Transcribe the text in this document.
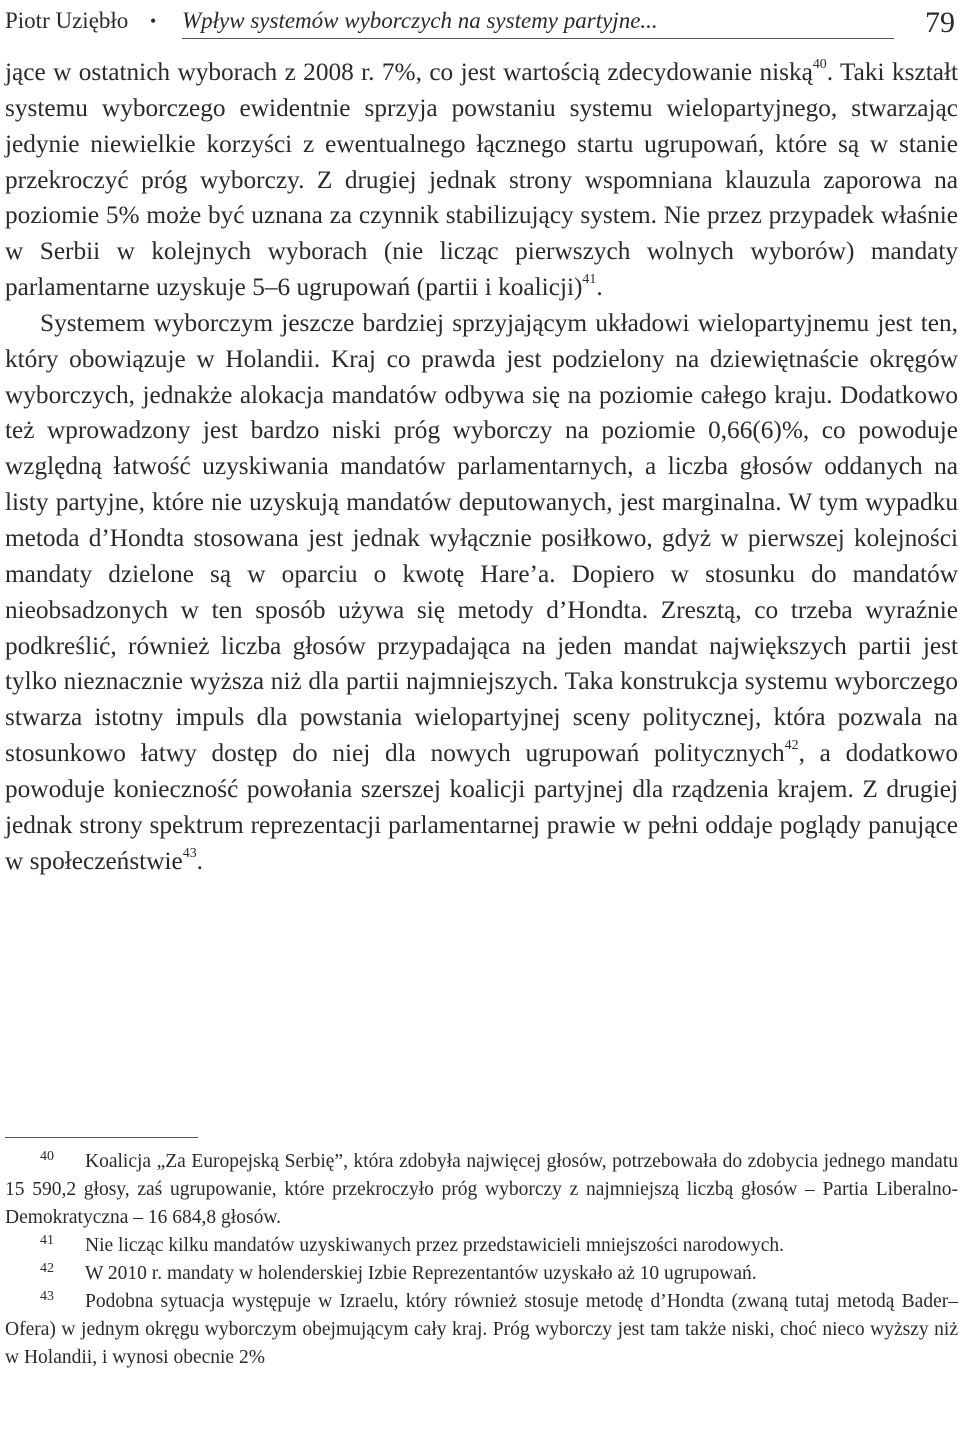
Piotr Uziębło • Wpływ systemów wyborczych na systemy partyjne...	79

jące w ostatnich wyborach z 2008 r. 7%, co jest wartością zdecydowanie niską$^{40}$. Taki kształt systemu wyborczego ewidentnie sprzyja powstaniu systemu wielopartyjnego, stwarzając jedynie niewielkie korzyści z ewentualnego łącznego startu ugrupowań, które są w stanie przekroczyć próg wyborczy. Z drugiej jednak strony wspomniana klauzula zaporowa na poziomie 5% może być uznana za czynnik stabilizujący system. Nie przez przypadek właśnie w Serbii w kolejnych wyborach (nie licząc pierwszych wolnych wyborów) mandaty parlamentarne uzyskuje 5–6 ugrupowań (partii i koalicji)$^{41}$.

Systemem wyborczym jeszcze bardziej sprzyjającym układowi wielopartyjnemu jest ten, który obowiązuje w Holandii. Kraj co prawda jest podzielony na dziewiętnaście okręgów wyborczych, jednakże alokacja mandatów odbywa się na poziomie całego kraju. Dodatkowo też wprowadzony jest bardzo niski próg wyborczy na poziomie 0,66(6)%, co powoduje względną łatwość uzyskiwania mandatów parlamentarnych, a liczba głosów oddanych na listy partyjne, które nie uzyskują mandatów deputowanych, jest marginalna. W tym wypadku metoda d’Hondta stosowana jest jednak wyłącznie posiłkowo, gdyż w pierwszej kolejności mandaty dzielone są w oparciu o kwotę Hare’a. Dopiero w stosunku do mandatów nieobsadzonych w ten sposób używa się metody d’Hondta. Zresztą, co trzeba wyraźnie podkreślić, również liczba głosów przypadająca na jeden mandat największych partii jest tylko nieznacznie wyższa niż dla partii najmniejszych. Taka konstrukcja systemu wyborczego stwarza istotny impuls dla powstania wielopartyjnej sceny politycznej, która pozwala na stosunkowo łatwy dostęp do niej dla nowych ugrupowań politycznych$^{42}$, a dodatkowo powoduje konieczność powołania szerszej koalicji partyjnej dla rządzenia krajem. Z drugiej jednak strony spektrum reprezentacji parlamentarnej prawie w pełni oddaje poglądy panujące w społeczeństwie$^{43}$.

40 Koalicja „Za Europejską Serbię”, która zdobyła najwięcej głosów, potrzebowała do zdobycia jednego mandatu 15 590,2 głosy, zaś ugrupowanie, które przekroczyło próg wyborczy z najmniejszą liczbą głosów – Partia Liberalno-Demokratyczna – 16 684,8 głosów.

41 Nie licząc kilku mandatów uzyskiwanych przez przedstawicieli mniejszości narodowych.

42 W 2010 r. mandaty w holenderskiej Izbie Reprezentantów uzyskało aż 10 ugrupowań.

43 Podobna sytuacja występuje w Izraelu, który również stosuje metodę d’Hondta (zwaną tutaj metodą Bader–Ofera) w jednym okręgu wyborczym obejmującym cały kraj. Próg wyborczy jest tam także niski, choć nieco wyższy niż w Holandii, i wynosi obecnie 2%
